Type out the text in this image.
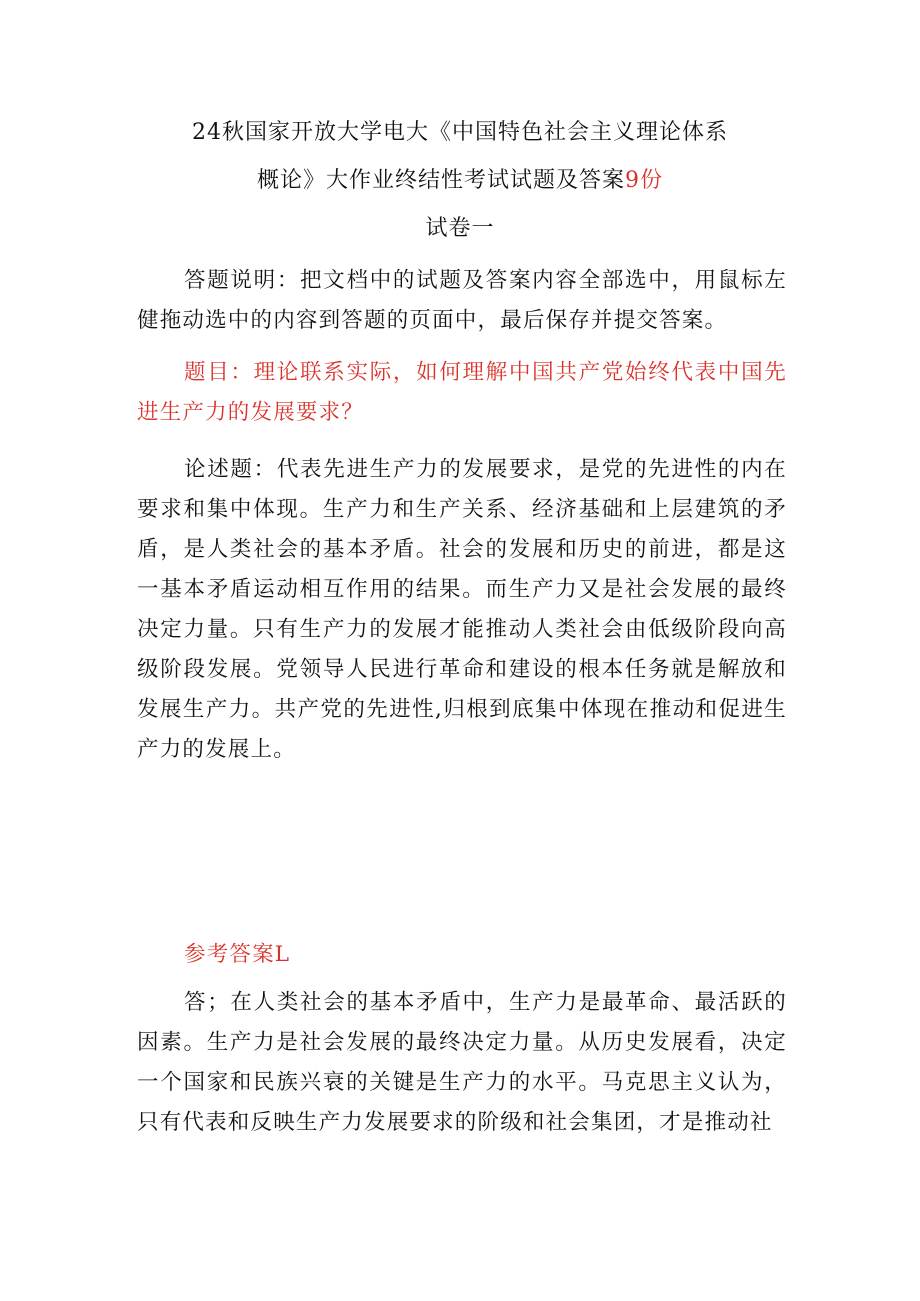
24秋国家开放大学电大《中国特色社会主义理论体系
概论》大作业终结性考试试题及答案9份
试卷一
答题说明：把文档中的试题及答案内容全部选中，用鼠标左健拖动选中的内容到答题的页面中，最后保存并提交答案。
题目：理论联系实际，如何理解中国共产党始终代表中国先进生产力的发展要求？
论述题：代表先进生产力的发展要求，是党的先进性的内在要求和集中体现。生产力和生产关系、经济基础和上层建筑的矛盾，是人类社会的基本矛盾。社会的发展和历史的前进，都是这一基本矛盾运动相互作用的结果。而生产力又是社会发展的最终决定力量。只有生产力的发展才能推动人类社会由低级阶段向高级阶段发展。党领导人民进行革命和建设的根本任务就是解放和发展生产力。共产党的先进性,归根到底集中体现在推动和促进生产力的发展上。
参考答案L
答；在人类社会的基本矛盾中，生产力是最革命、最活跃的因素。生产力是社会发展的最终决定力量。从历史发展看，决定一个国家和民族兴衰的关键是生产力的水平。马克思主义认为，只有代表和反映生产力发展要求的阶级和社会集团，才是推动社
